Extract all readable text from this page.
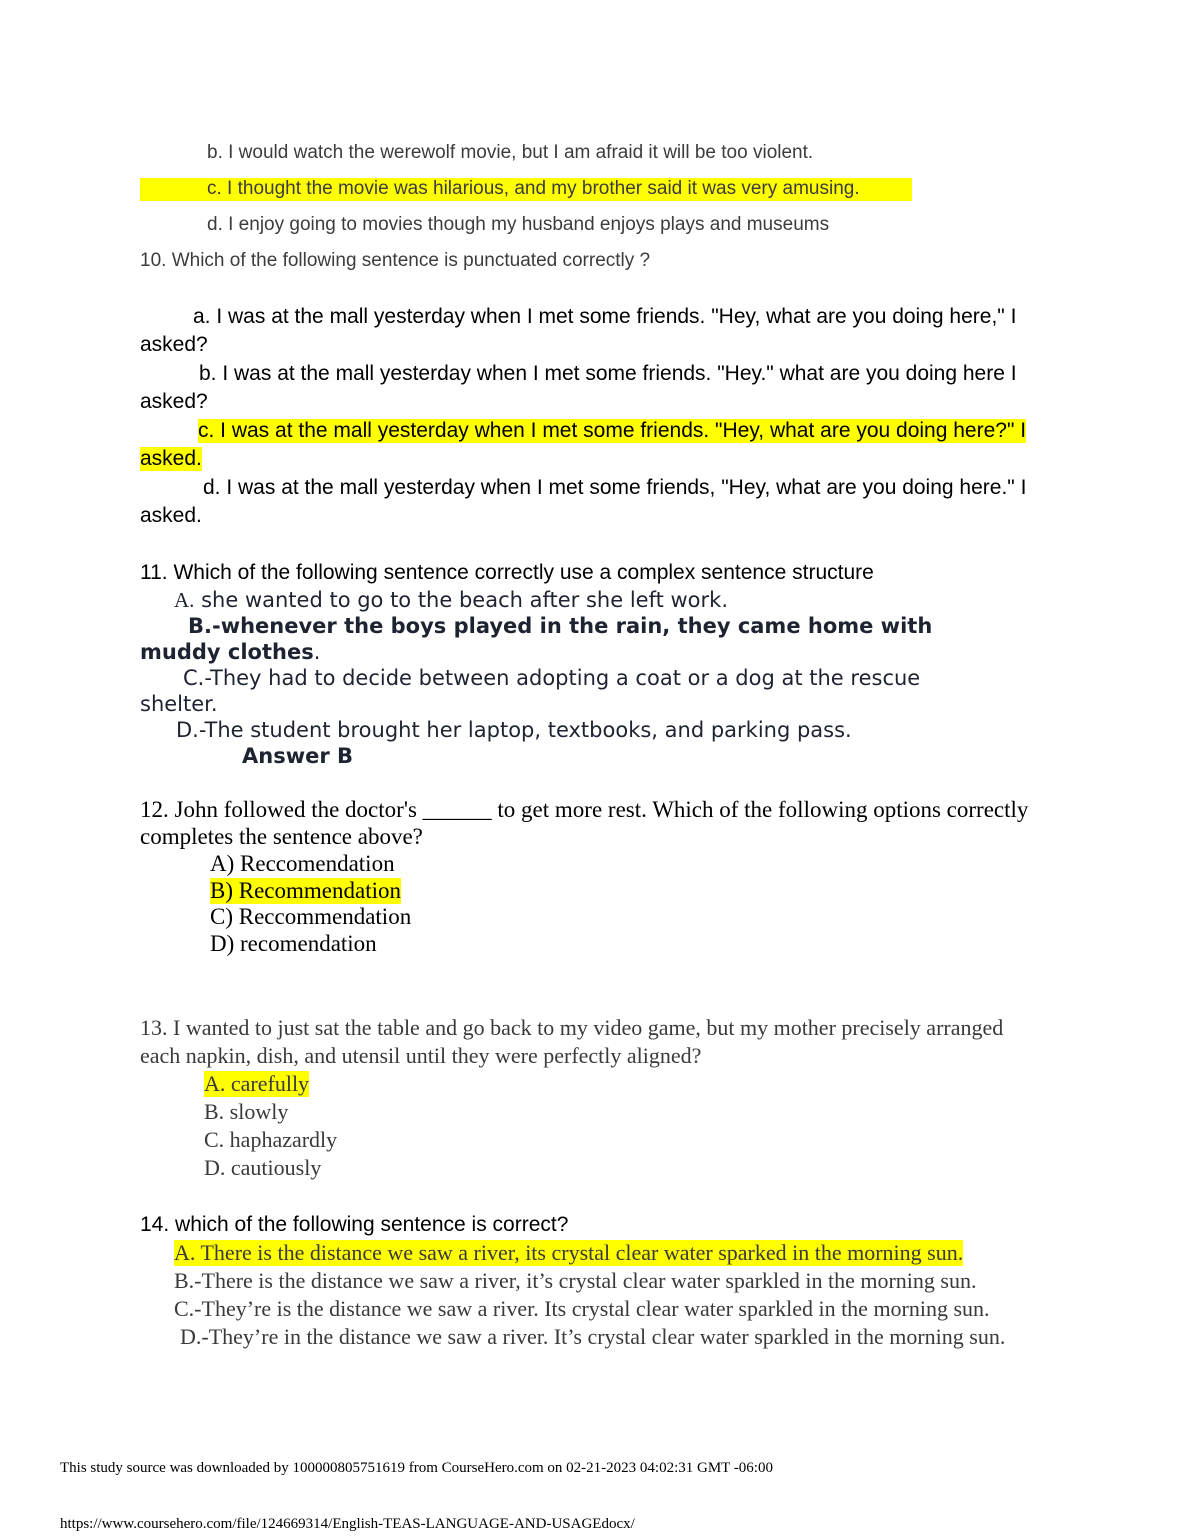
b. I would watch the werewolf movie, but I am afraid it will be too violent.
c. I thought the movie was hilarious, and my brother said it was very amusing.
d. I enjoy going to movies though my husband enjoys plays and museums
10. Which of the following sentence is punctuated correctly ?
a. I was at the mall yesterday when I met some friends. "Hey, what are you doing here," I
asked?
b. I was at the mall yesterday when I met some friends. "Hey." what are you doing here I
asked?
c. I was at the mall yesterday when I met some friends. "Hey, what are you doing here?" I
asked.
d. I was at the mall yesterday when I met some friends, "Hey, what are you doing here." I
asked.
11. Which of the following sentence correctly use a complex sentence structure
A. she wanted to go to the beach after she left work.
B.-whenever the boys played in the rain, they came home with
muddy clothes.
C.-They had to decide between adopting a coat or a dog at the rescue
shelter.
D.-The student brought her laptop, textbooks, and parking pass.
Answer B
12. John followed the doctor's ______ to get more rest. Which of the following options correctly
completes the sentence above?
A) Reccomendation
B) Recommendation
C) Reccommendation
D) recomendation
13. I wanted to just sat the table and go back to my video game, but my mother precisely arranged
each napkin, dish, and utensil until they were perfectly aligned?
A. carefully
B. slowly
C. haphazardly
D. cautiously
14. which of the following sentence is correct?
A. There is the distance we saw a river, its crystal clear water sparked in the morning sun.
B.-There is the distance we saw a river, it’s crystal clear water sparkled in the morning sun.
C.-They’re is the distance we saw a river. Its crystal clear water sparkled in the morning sun.
D.-They’re in the distance we saw a river. It’s crystal clear water sparkled in the morning sun.
This study source was downloaded by 100000805751619 from CourseHero.com on 02-21-2023 04:02:31 GMT -06:00
https://www.coursehero.com/file/124669314/English-TEAS-LANGUAGE-AND-USAGEdocx/
